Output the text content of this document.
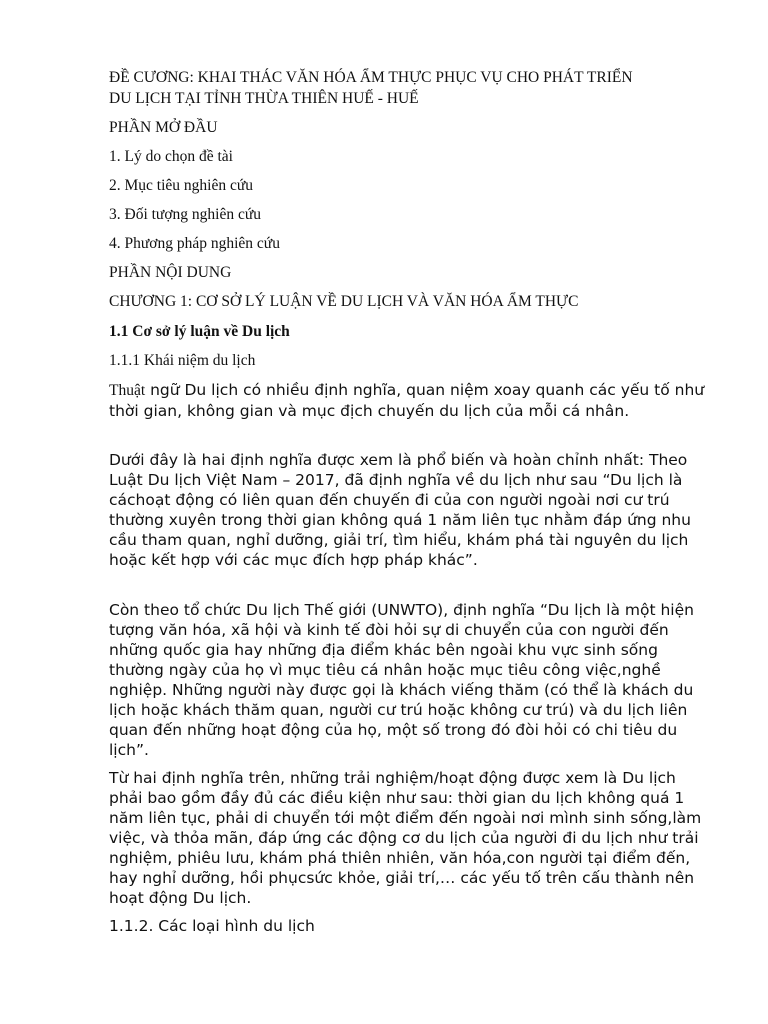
ĐỀ CƯƠNG: KHAI THÁC VĂN HÓA ẨM THỰC PHỤC VỤ CHO PHÁT TRIỂN

DU LỊCH TẠI TỈNH THỪA THIÊN HUẾ - HUẾ

PHẦN MỞ ĐẦU

1. Lý do chọn đề tài

2. Mục tiêu nghiên cứu

3. Đối tượng nghiên cứu

4. Phương pháp nghiên cứu

PHẦN NỘI DUNG

CHƯƠNG 1: CƠ SỞ LÝ LUẬN VỀ DU LỊCH VÀ VĂN HÓA ẨM THỰC

1.1 Cơ sở lý luận về Du lịch

1.1.1 Khái niệm du lịch

Thuật ngữ Du lịch có nhiều định nghĩa, quan niệm xoay quanh các yếu tố như thời gian, không gian và mục địch chuyến du lịch của mỗi cá nhân.

Dưới đây là hai định nghĩa được xem là phổ biến và hoàn chỉnh nhất: Theo Luật Du lịch Việt Nam – 2017, đã định nghĩa về du lịch như sau “Du lịch là cáchoạt động có liên quan đến chuyến đi của con người ngoài nơi cư trú thường xuyên trong thời gian không quá 1 năm liên tục nhằm đáp ứng nhu cầu tham quan, nghỉ dưỡng, giải trí, tìm hiểu, khám phá tài nguyên du lịch hoặc kết hợp với các mục đích hợp pháp khác”.

Còn theo tổ chức Du lịch Thế giới (UNWTO), định nghĩa “Du lịch là một hiện tượng văn hóa, xã hội và kinh tế đòi hỏi sự di chuyển của con người đến những quốc gia hay những địa điểm khác bên ngoài khu vực sinh sống thường ngày của họ vì mục tiêu cá nhân hoặc mục tiêu công việc,nghề nghiệp. Những người này được gọi là khách viếng thăm (có thể là khách du lịch hoặc khách thăm quan, người cư trú hoặc không cư trú) và du lịch liên quan đến những hoạt động của họ, một số trong đó đòi hỏi có chi tiêu du lịch”.

Từ hai định nghĩa trên, những trải nghiệm/hoạt động được xem là Du lịch phải bao gồm đầy đủ các điều kiện như sau: thời gian du lịch không quá 1 năm liên tục, phải di chuyển tới một điểm đến ngoài nơi mình sinh sống,làm việc, và thỏa mãn, đáp ứng các động cơ du lịch của người đi du lịch như trải nghiệm, phiêu lưu, khám phá thiên nhiên, văn hóa,con người tại điểm đến, hay nghỉ dưỡng, hồi phụcsức khỏe, giải trí,… các yếu tố trên cấu thành nên hoạt động Du lịch.

1.1.2. Các loại hình du lịch
